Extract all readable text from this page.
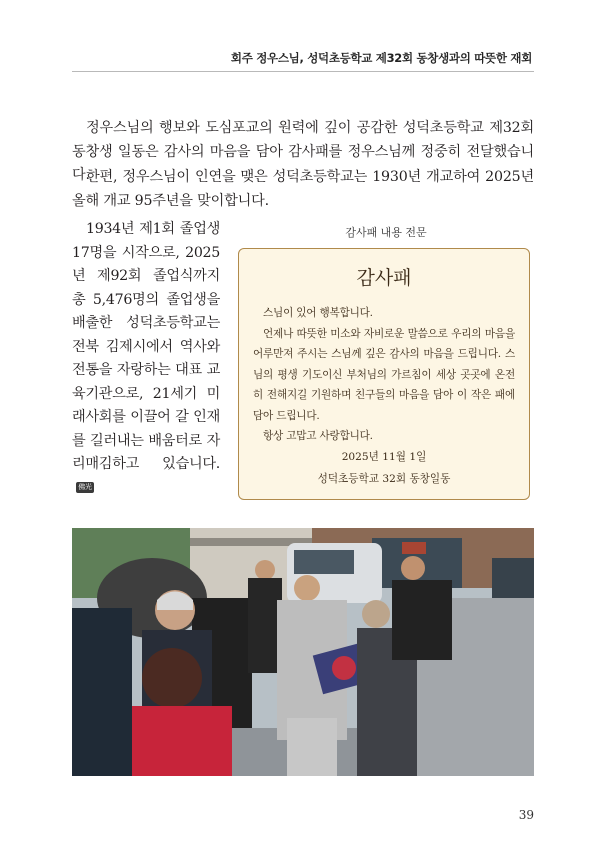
회주 정우스님, 성덕초등학교 제32회 동창생과의 따뜻한 재회

정우스님의 행보와 도심포교의 원력에 깊이 공감한 성덕초등학교 제32회 동창생 일동은 감사의 마음을 담아 감사패를 정우스님께 정중히 전달했습니다.

한편, 정우스님이 인연을 맺은 성덕초등학교는 1930년 개교하여 2025년 올해 개교 95주년을 맞이합니다.

1934년 제1회 졸업생 17명을 시작으로, 2025년 제92회 졸업식까지 총 5,476명의 졸업생을 배출한 성덕초등학교는 전북 김제시에서 역사와 전통을 자랑하는 대표 교육기관으로, 21세기 미래사회를 이끌어 갈 인재를 길러내는 배움터로 자리매김하고 있습니다.佛光

감사패 내용 전문
감사패

스님이 있어 행복합니다.

언제나 따뜻한 미소와 자비로운 말씀으로 우리의 마음을 어루만져 주시는 스님께 깊은 감사의 마음을 드립니다. 스님의 평생 기도이신 부처님의 가르침이 세상 곳곳에 온전히 전해지길 기원하며 친구들의 마음을 담아 이 작은 패에 담아 드립니다.

항상 고맙고 사랑합니다.

2025년 11월 1일
성덕초등학교 32회 동창일동
39
